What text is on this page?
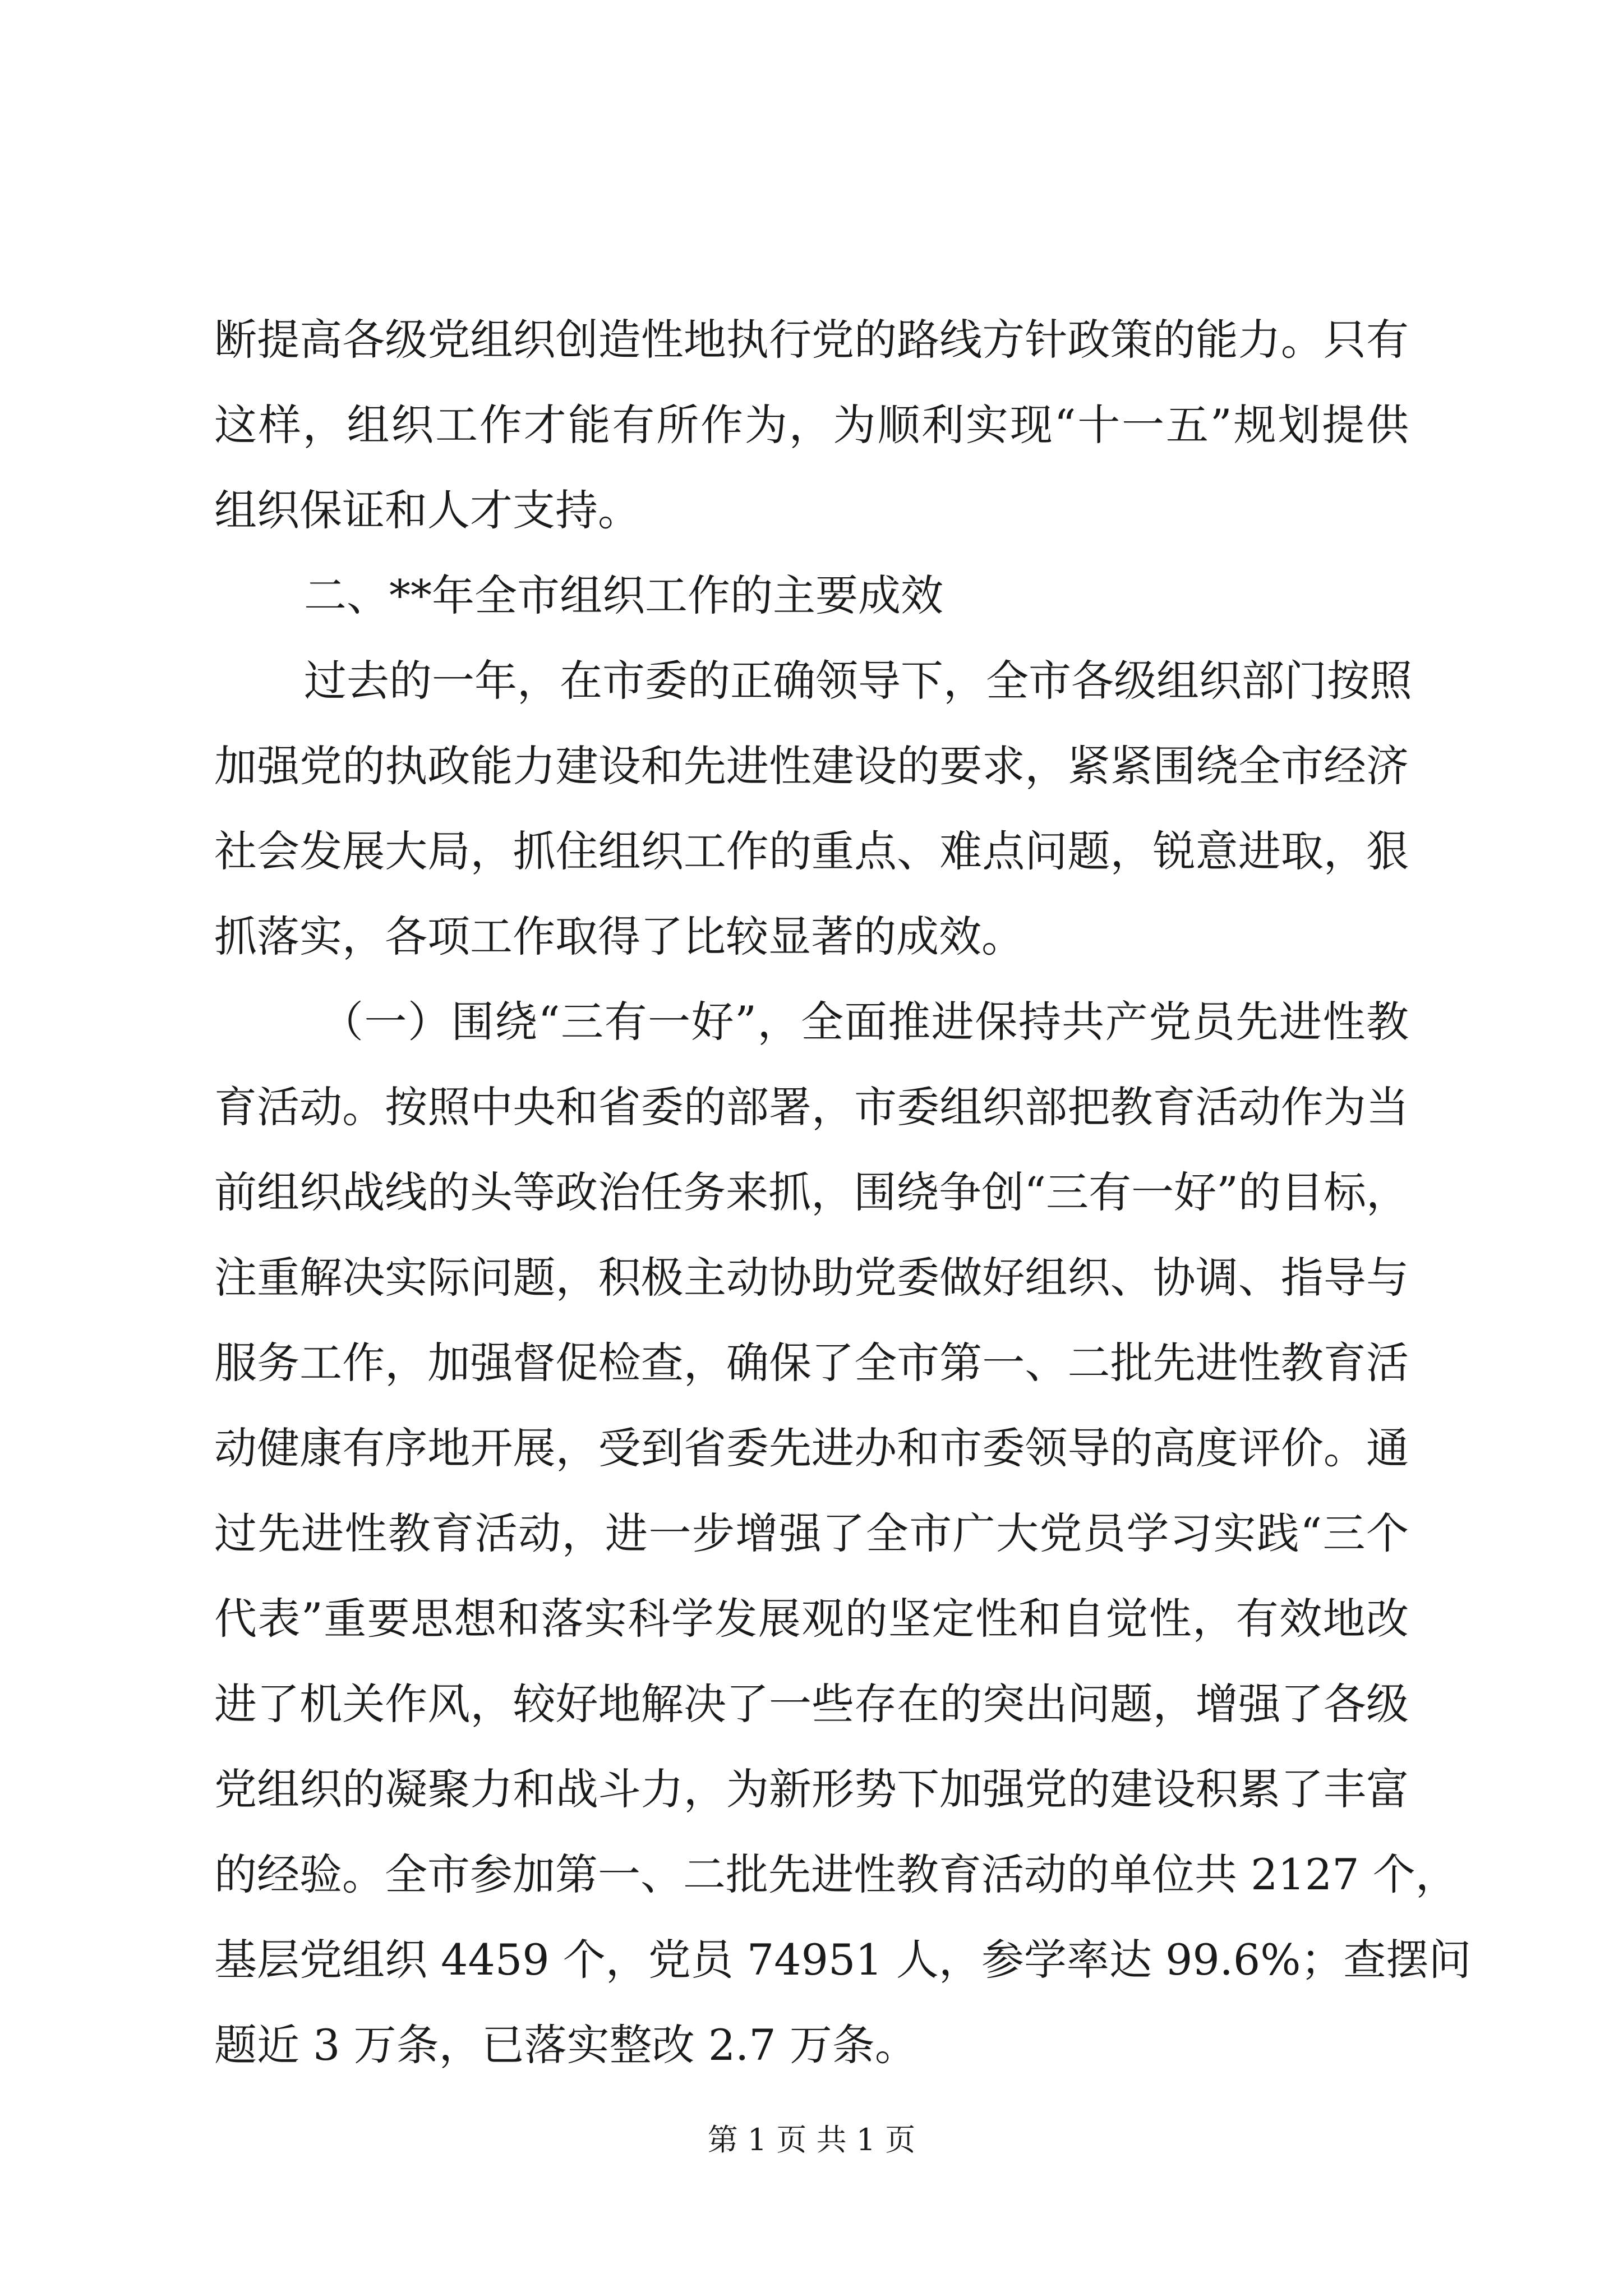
断提高各级党组织创造性地执行党的路线方针政策的能力。只有
这样，组织工作才能有所作为，为顺利实现“十一五”规划提供
组织保证和人才支持。
二、**年全市组织工作的主要成效
过去的一年，在市委的正确领导下，全市各级组织部门按照
加强党的执政能力建设和先进性建设的要求，紧紧围绕全市经济
社会发展大局，抓住组织工作的重点、难点问题，锐意进取，狠
抓落实，各项工作取得了比较显著的成效。
（一）围绕“三有一好”，全面推进保持共产党员先进性教
育活动。按照中央和省委的部署，市委组织部把教育活动作为当
前组织战线的头等政治任务来抓，围绕争创“三有一好”的目标，
注重解决实际问题，积极主动协助党委做好组织、协调、指导与
服务工作，加强督促检查，确保了全市第一、二批先进性教育活
动健康有序地开展，受到省委先进办和市委领导的高度评价。通
过先进性教育活动，进一步增强了全市广大党员学习实践“三个
代表”重要思想和落实科学发展观的坚定性和自觉性，有效地改
进了机关作风，较好地解决了一些存在的突出问题，增强了各级
党组织的凝聚力和战斗力，为新形势下加强党的建设积累了丰富
的经验。全市参加第一、二批先进性教育活动的单位共 2127 个，
基层党组织 4459 个，党员 74951 人，参学率达 99.6%；查摆问
题近 3 万条，已落实整改 2.7 万条。
第 1 页 共 1 页
